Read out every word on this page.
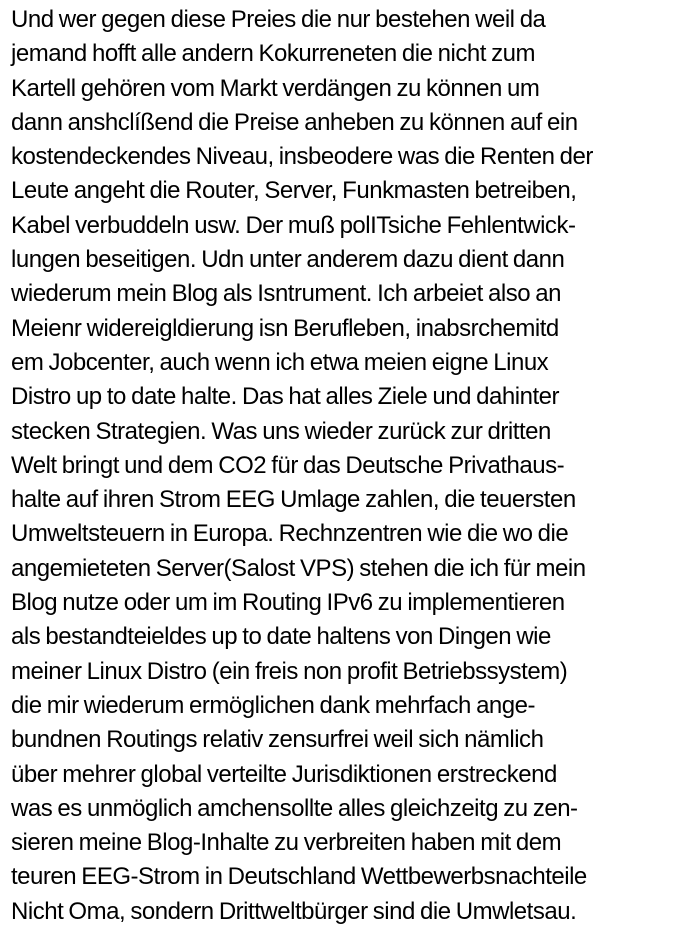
Und wer gegen diese Preies die nur bestehen weil da
jemand hofft alle andern Kokurreneten die nicht zum
Kartell gehören vom Markt verdängen zu können um
dann anshclíßend die Preise anheben zu können auf ein
kostendeckendes Niveau, insbeodere was die Renten der
Leute angeht die Router, Server, Funkmasten betreiben,
Kabel verbuddeln usw. Der muß polITsiche Fehlentwick-
lungen beseitigen. Udn unter anderem dazu dient dann
wiederum mein Blog als Isntrument. Ich arbeiet also an
Meienr widereigldierung isn Berufleben, inabsrchemitd
em Jobcenter, auch wenn ich etwa meien eigne Linux
Distro up to date halte. Das hat alles Ziele und dahinter
stecken Strategien. Was uns wieder zurück zur dritten
Welt bringt und dem CO2 für das Deutsche Privathaus-
halte auf ihren Strom EEG Umlage zahlen, die teuersten
Umweltsteuern in Europa. Rechnzentren wie die wo die
angemieteten Server(Salost VPS) stehen die ich für mein
Blog nutze oder um im Routing IPv6 zu implementieren
als bestandteieldes up to date haltens von Dingen wie
meiner Linux Distro (ein freis non profit Betriebssystem)
die mir wiederum ermöglichen dank mehrfach ange-
bundnen Routings relativ zensurfrei weil sich nämlich
über mehrer global verteilte Jurisdiktionen erstreckend
was es unmöglich amchensollte alles gleichzeitg zu zen-
sieren meine Blog-Inhalte zu verbreiten haben mit dem
teuren EEG-Strom in Deutschland Wettbewerbsnachteile
Nicht Oma, sondern Drittweltbürger sind die Umwletsau.
